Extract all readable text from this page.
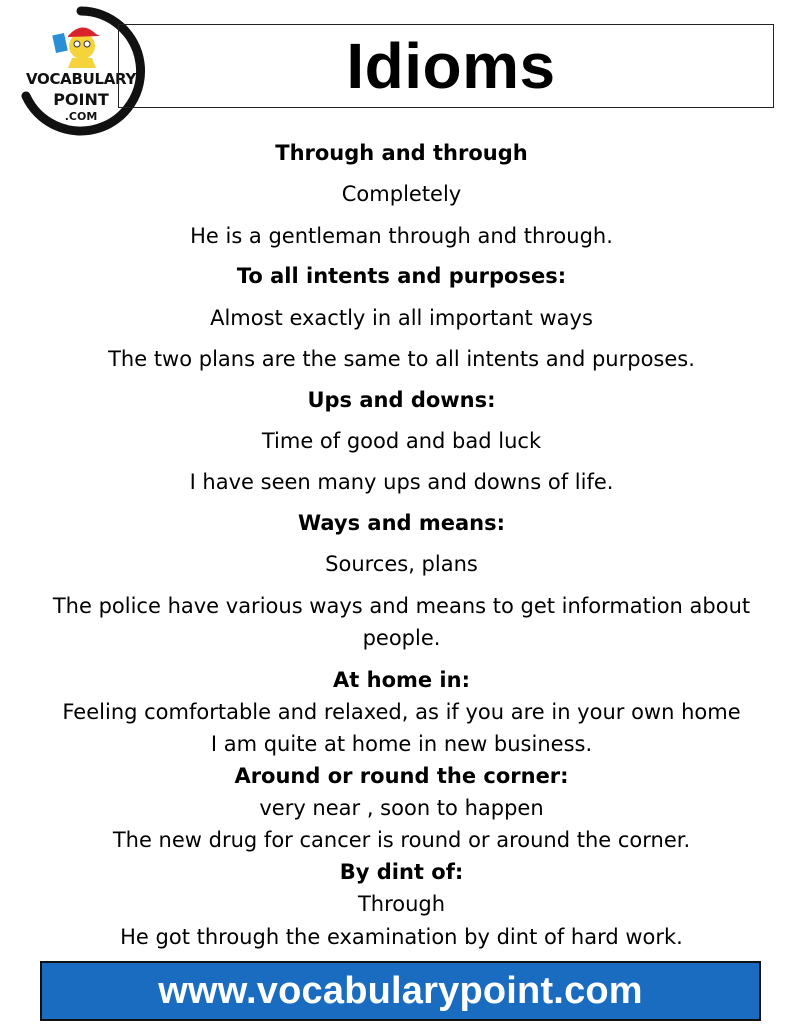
VOCABULARY
POINT
.COM
Idioms
Through and through
Completely
He is a gentleman through and through.
To all intents and purposes:
Almost exactly in all important ways
The two plans are the same to all intents and purposes.
Ups and downs:
Time of good and bad luck
I have seen many ups and downs of life.
Ways and means:
Sources, plans
The police have various ways and means to get information about people.
At home in:
Feeling comfortable and relaxed, as if you are in your own home
I am quite at home in new business.
Around or round the corner:
very near , soon to happen
The new drug for cancer is round or around the corner.
By dint of:
Through
He got through the examination by dint of hard work.
www.vocabularypoint.com
